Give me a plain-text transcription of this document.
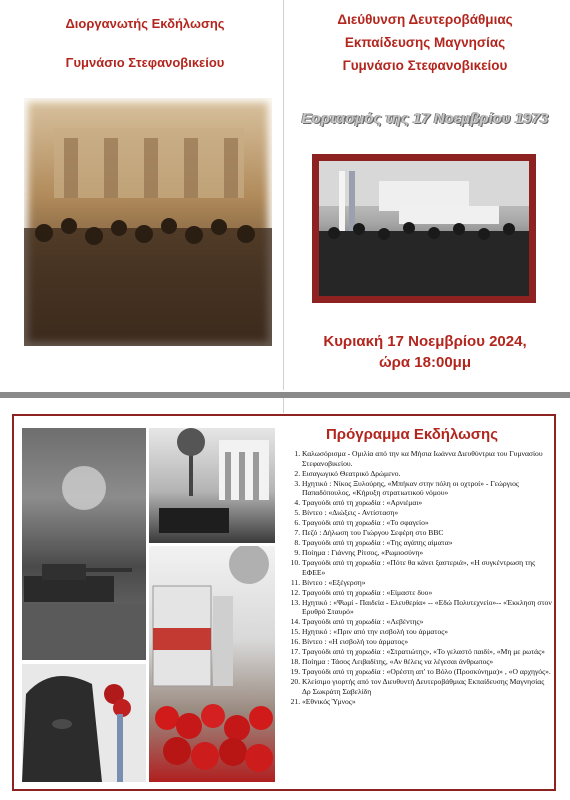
Διοργανωτής Εκδήλωσης
Γυμνάσιο Στεφανοβικείου
Διεύθυνση Δευτεροβάθμιας
Εκπαίδευσης Μαγνησίας
Γυμνάσιο Στεφανοβικείου
Εορτασμός της 17 Νοεμβρίου 1973
Κυριακή 17 Νοεμβρίου 2024,
ώρα 18:00μμ
Πρόγραμμα Εκδήλωσης
1. Καλωσόρισμα - Ομιλία από την κα Μήσια Ιωάννα Διευθύντρια του Γυμνασίου Στεφανοβικείου.
2. Εισαγωγικό Θεατρικό Δρώμενο.
3. Ηχητικό : Νίκος Ξυλούρης, «Μπήκαν στην πόλη οι οχτροί» - Γεώργιος Παπαδόπουλος, «Κήρυξη στρατιωτικού νόμου»
4. Τραγούδι από τη χορωδία : «Αρνιέμαι»
5. Βίντεο : «Διώξεις - Αντίσταση»
6. Τραγούδι από τη χορωδία : «Το σφαγείο»
7. Πεζό : Δήλωση του Γιώργου Σεφέρη στο BBC
8. Τραγούδι από τη χορωδία : «Της αγάπης αίματα»
9. Ποίημα : Γιάννης Ρίτσος, «Ρωμιοσύνη»
10. Τραγούδι από τη χορωδία : «Πότε θα κάνει ξαστεριά», «Η συγκέντρωση της ΕΦΕΕ»
11. Βίντεο : «Εξέγερση»
12. Τραγούδι από τη χορωδία : «Είμαστε δυο»
13. Ηχητικό : «Ψωμί - Παιδεία - Ελευθερία» -- «Εδώ Πολυτεχνείο»-- «Έκκληση στον Ερυθρό Σταυρό»
14. Τραγούδι από τη χορωδία : «Λεβέντης»
15. Ηχητικό : «Πριν από την εισβολή του άρματος»
16. Βίντεο : «Η εισβολή του άρματος»
17. Τραγούδι από τη χορωδία : «Στρατιώτης», «Το γελαστό παιδί», «Μη με ρωτάς»
18. Ποίημα : Τάσος Λειβαδίτης, «Αν θέλεις να λέγεσαι άνθρωπος»
19. Τραγούδι από τη χορωδία : «Ορέστη απ' το Βόλο (Προσκύνημα)» , «Ο αρχηγός».
20. Κλείσιμο γιορτής από τον Διευθυντή Δευτεροβάθμιας Εκπαίδευσης Μαγνησίας Δρ Σωκράτη Σαβελίδη
21. «Εθνικός Ύμνος»
